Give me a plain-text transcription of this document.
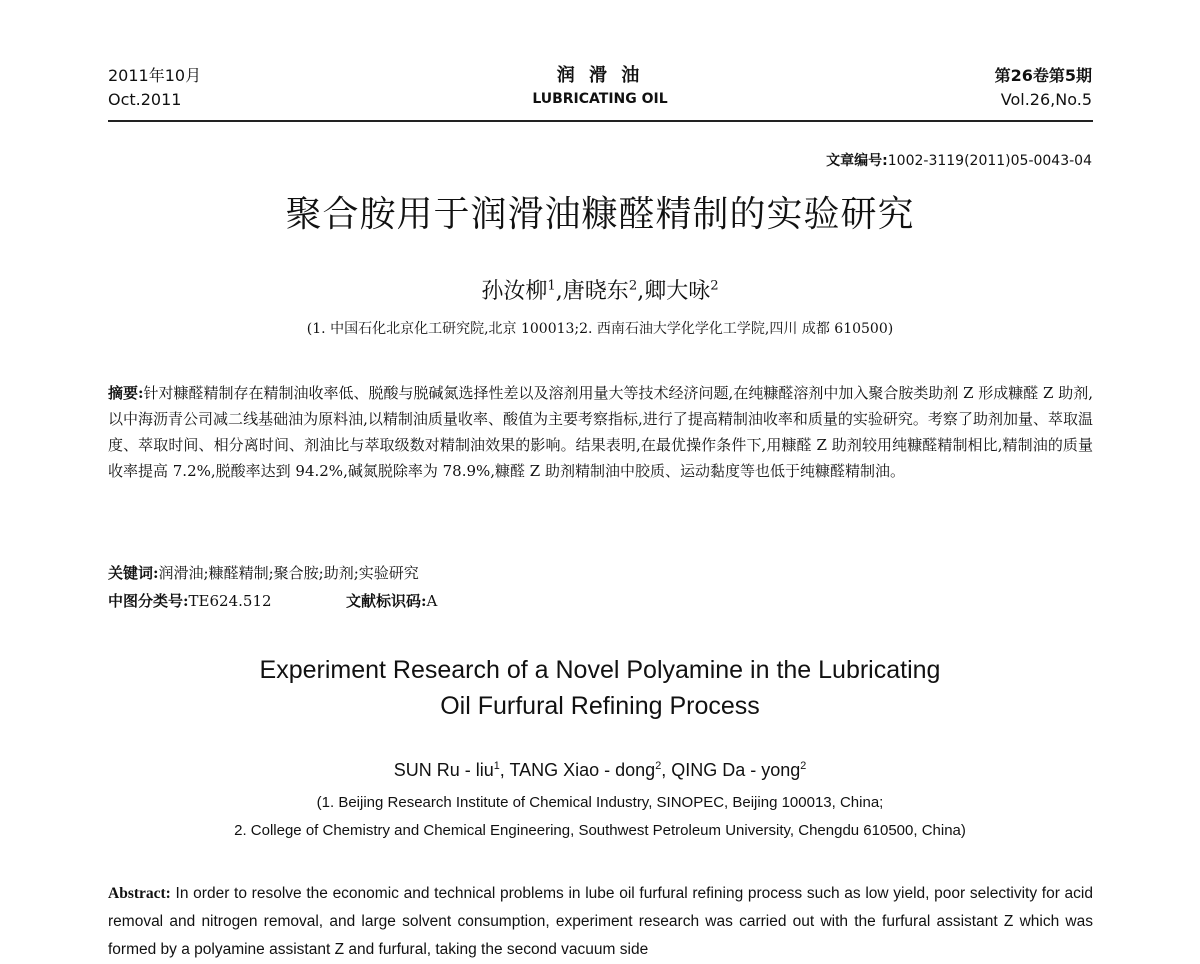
2011年10月
Oct.2011
润 滑 油
LUBRICATING OIL
第26卷第5期
Vol.26,No.5
文章编号:1002-3119(2011)05-0043-04
聚合胺用于润滑油糠醛精制的实验研究
孙汝柳$^1$,唐晓东$^2$,卿大咏$^2$
(1. 中国石化北京化工研究院,北京 100013;2. 西南石油大学化学化工学院,四川 成都 610500)
摘要:针对糠醛精制存在精制油收率低、脱酸与脱碱氮选择性差以及溶剂用量大等技术经济问题,在纯糠醛溶剂中加入聚合胺类助剂 Z 形成糠醛 Z 助剂,以中海沥青公司减二线基础油为原料油,以精制油质量收率、酸值为主要考察指标,进行了提高精制油收率和质量的实验研究。考察了助剂加量、萃取温度、萃取时间、相分离时间、剂油比与萃取级数对精制油效果的影响。结果表明,在最优操作条件下,用糠醛 Z 助剂较用纯糠醛精制相比,精制油的质量收率提高 7.2%,脱酸率达到 94.2%,碱氮脱除率为 78.9%,糠醛 Z 助剂精制油中胶质、运动黏度等也低于纯糠醛精制油。
关键词:润滑油;糠醛精制;聚合胺;助剂;实验研究
中图分类号:TE624.512	文献标识码:A
Experiment Research of a Novel Polyamine in the Lubricating
Oil Furfural Refining Process
SUN Ru - liu$^1$, TANG Xiao - dong$^2$, QING Da - yong$^2$
(1. Beijing Research Institute of Chemical Industry, SINOPEC, Beijing 100013, China;
2. College of Chemistry and Chemical Engineering, Southwest Petroleum University, Chengdu 610500, China)
Abstract: In order to resolve the economic and technical problems in lube oil furfural refining process such as low yield, poor selectivity for acid removal and nitrogen removal, and large solvent consumption, experiment research was carried out with the furfural assistant Z which was formed by a polyamine assistant Z and furfural, taking the second vacuum side
